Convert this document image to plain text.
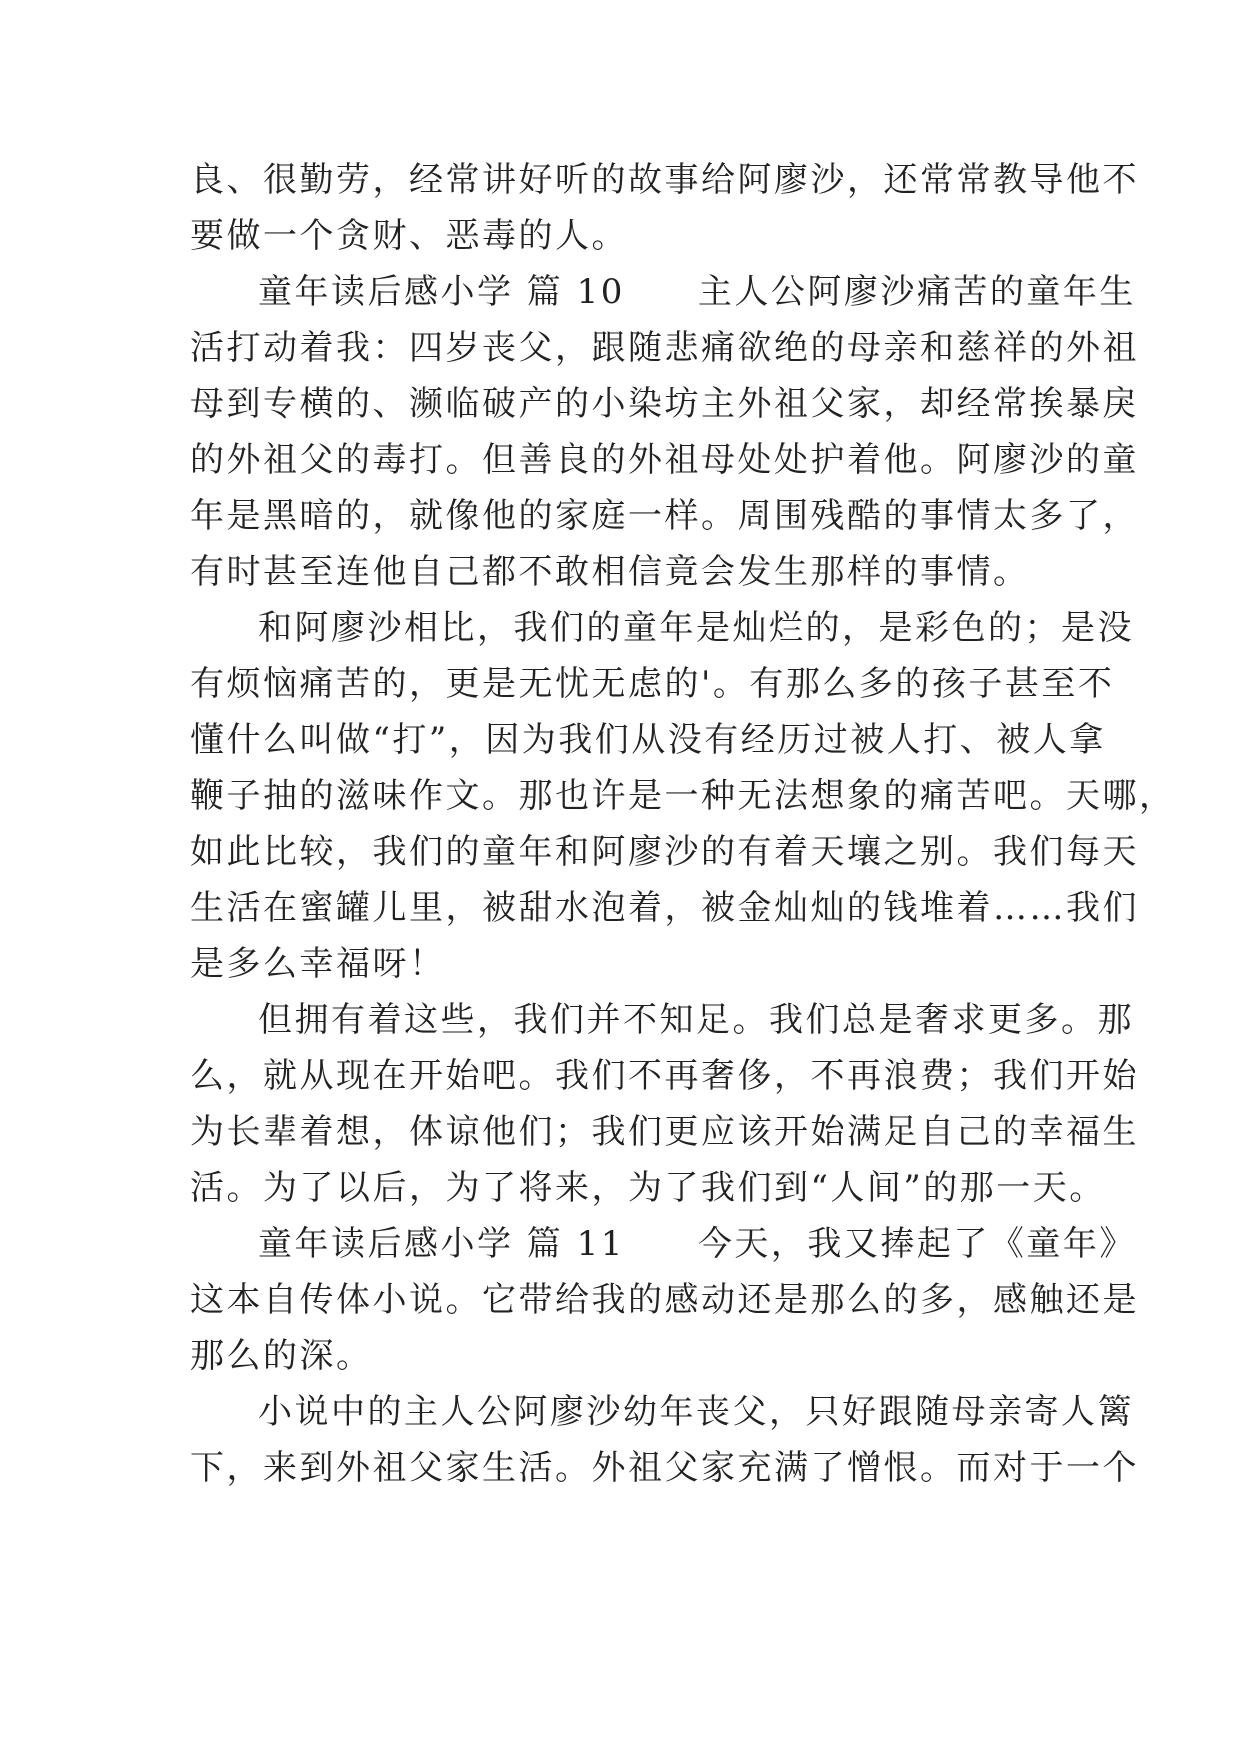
良、很勤劳，经常讲好听的故事给阿廖沙，还常常教导他不
要做一个贪财、恶毒的人。
童年读后感小学 篇 10　　主人公阿廖沙痛苦的童年生
活打动着我：四岁丧父，跟随悲痛欲绝的母亲和慈祥的外祖
母到专横的、濒临破产的小染坊主外祖父家，却经常挨暴戾
的外祖父的毒打。但善良的外祖母处处护着他。阿廖沙的童
年是黑暗的，就像他的家庭一样。周围残酷的事情太多了，
有时甚至连他自己都不敢相信竟会发生那样的事情。
和阿廖沙相比，我们的童年是灿烂的，是彩色的；是没
有烦恼痛苦的，更是无忧无虑的'。有那么多的孩子甚至不
懂什么叫做“打”，因为我们从没有经历过被人打、被人拿
鞭子抽的滋味作文。那也许是一种无法想象的痛苦吧。天哪，
如此比较，我们的童年和阿廖沙的有着天壤之别。我们每天
生活在蜜罐儿里，被甜水泡着，被金灿灿的钱堆着……我们
是多么幸福呀！
但拥有着这些，我们并不知足。我们总是奢求更多。那
么，就从现在开始吧。我们不再奢侈，不再浪费；我们开始
为长辈着想，体谅他们；我们更应该开始满足自己的幸福生
活。为了以后，为了将来，为了我们到“人间”的那一天。
童年读后感小学 篇 11　　今天，我又捧起了《童年》
这本自传体小说。它带给我的感动还是那么的多，感触还是
那么的深。
小说中的主人公阿廖沙幼年丧父，只好跟随母亲寄人篱
下，来到外祖父家生活。外祖父家充满了憎恨。而对于一个
